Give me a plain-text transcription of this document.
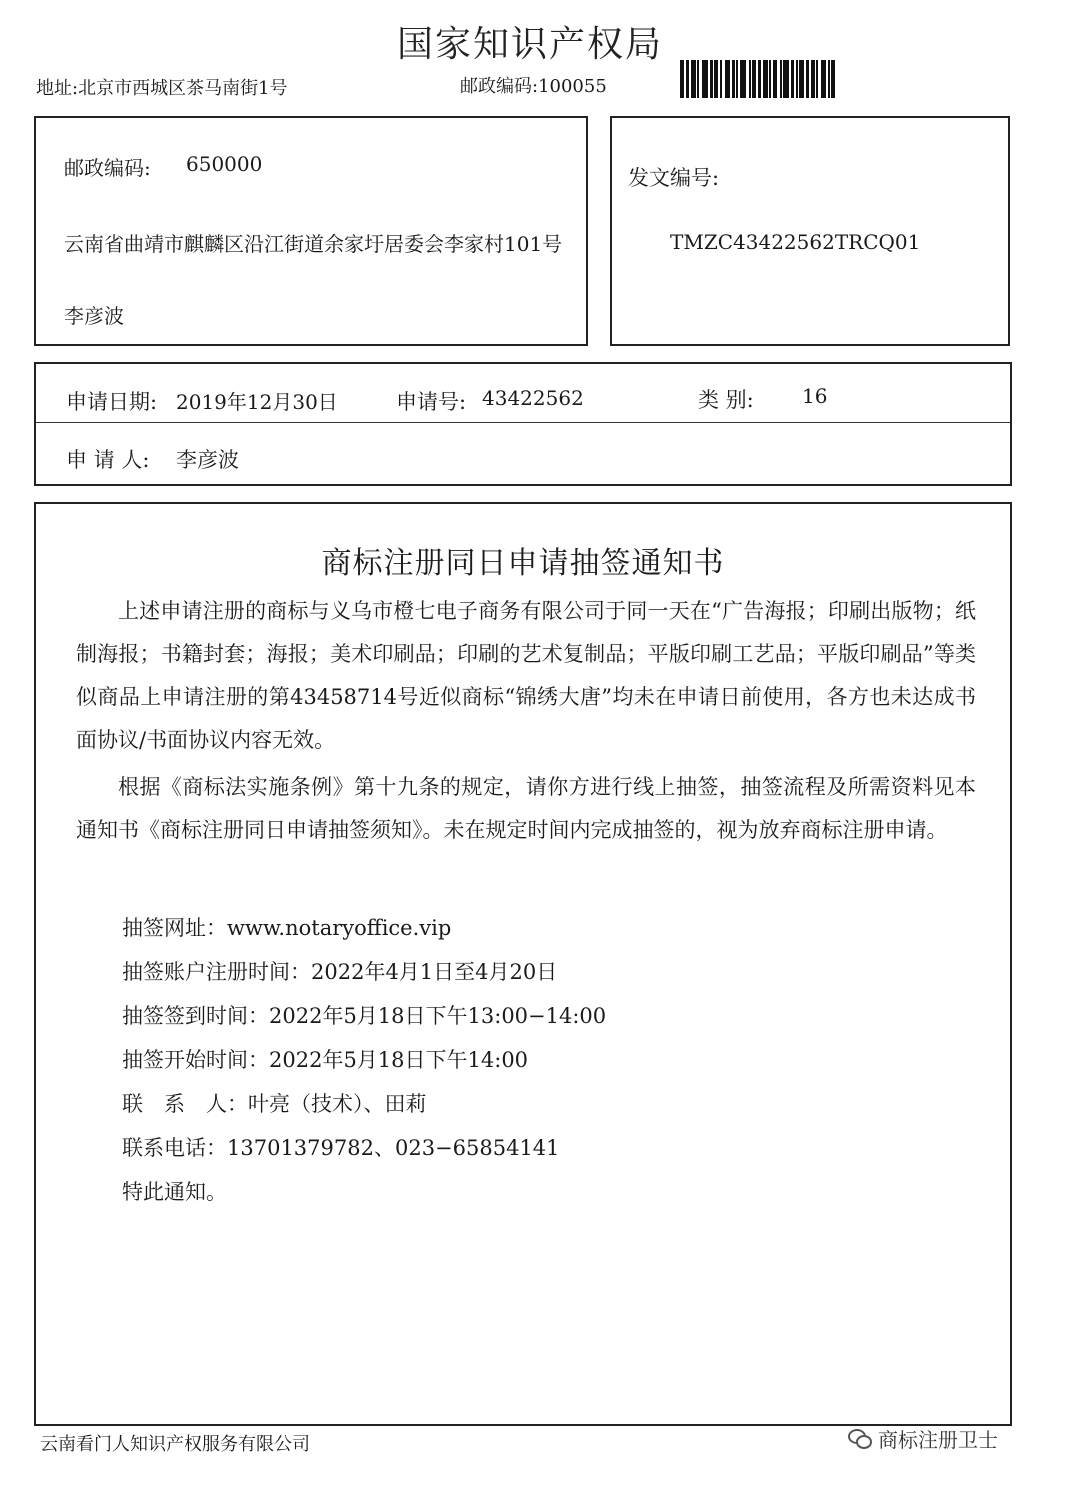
国家知识产权局
地址:北京市西城区茶马南街1号	邮政编码:100055
邮政编码: 650000
云南省曲靖市麒麟区沿江街道余家圩居委会李家村101号
李彦波
发文编号:
TMZC43422562TRCQ01
申请日期: 2019年12月30日	申请号: 43422562	类 别: 16
申 请 人: 李彦波
商标注册同日申请抽签通知书
上述申请注册的商标与义乌市橙七电子商务有限公司于同一天在“广告海报；印刷出版物；纸制海报；书籍封套；海报；美术印刷品；印刷的艺术复制品；平版印刷工艺品；平版印刷品”等类似商品上申请注册的第43458714号近似商标“锦绣大唐”均未在申请日前使用，各方也未达成书面协议/书面协议内容无效。
根据《商标法实施条例》第十九条的规定，请你方进行线上抽签，抽签流程及所需资料见本通知书《商标注册同日申请抽签须知》。未在规定时间内完成抽签的，视为放弃商标注册申请。
抽签网址：www.notaryoffice.vip
抽签账户注册时间：2022年4月1日至4月20日
抽签签到时间：2022年5月18日下午13:00−14:00
抽签开始时间：2022年5月18日下午14:00
联　系　人：叶亮（技术）、田莉
联系电话：13701379782、023−65854141
特此通知。
云南看门人知识产权服务有限公司	商标注册卫士
